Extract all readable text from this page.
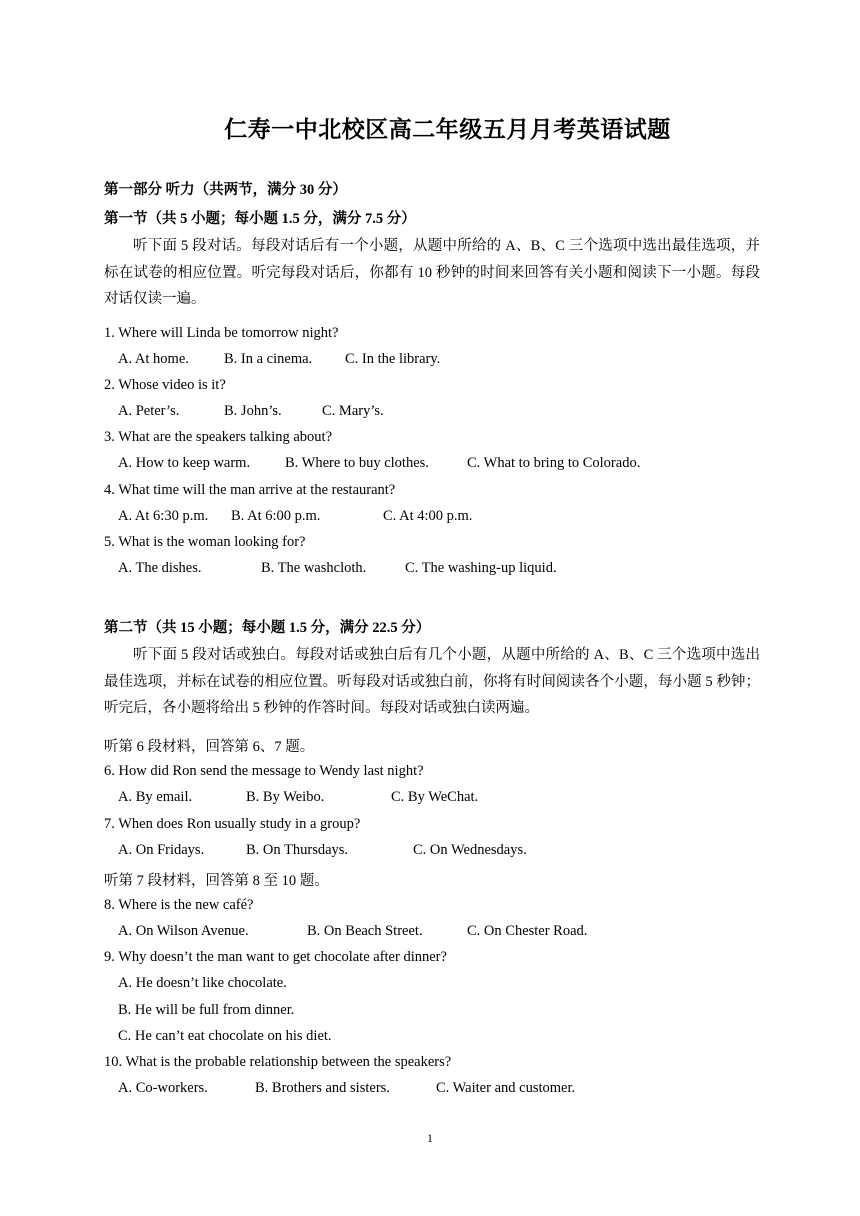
仁寿一中北校区高二年级五月月考英语试题
第一部分 听力（共两节，满分 30 分）
第一节（共 5 小题；每小题 1.5 分，满分 7.5 分）
听下面 5 段对话。每段对话后有一个小题，从题中所给的 A、B、C 三个选项中选出最佳选项，并标在试卷的相应位置。听完每段对话后，你都有 10 秒钟的时间来回答有关小题和阅读下一小题。每段对话仅读一遍。
1. Where will Linda be tomorrow night?
A. At home. B. In a cinema. C. In the library.
2. Whose video is it?
A. Peter’s.	B. John’s.	C. Mary’s.
3. What are the speakers talking about?
A. How to keep warm. B. Where to buy clothes.	C. What to bring to Colorado.
4. What time will the man arrive at the restaurant?
A. At 6:30 p.m. B. At 6:00 p.m.	C. At 4:00 p.m.
5. What is the woman looking for?
A. The dishes.	B. The washcloth.	C. The washing-up liquid.
第二节（共 15 小题；每小题 1.5 分，满分 22.5 分）
听下面 5 段对话或独白。每段对话或独白后有几个小题，从题中所给的 A、B、C 三个选项中选出最佳选项，并标在试卷的相应位置。听每段对话或独白前，你将有时间阅读各个小题，每小题 5 秒钟；听完后，各小题将给出 5 秒钟的作答时间。每段对话或独白读两遍。
听第 6 段材料，回答第 6、7 题。
6. How did Ron send the message to Wendy last night?
A. By email.	B. By Weibo.	C. By WeChat.
7. When does Ron usually study in a group?
A. On Fridays.	B. On Thursdays.	C. On Wednesdays.
听第 7 段材料，回答第 8 至 10 题。
8. Where is the new café?
A. On Wilson Avenue.	B. On Beach Street.	C. On Chester Road.
9. Why doesn’t the man want to get chocolate after dinner?
A. He doesn’t like chocolate.
B. He will be full from dinner.
C. He can’t eat chocolate on his diet.
10. What is the probable relationship between the speakers?
A. Co-workers.	B. Brothers and sisters.	C. Waiter and customer.
1
